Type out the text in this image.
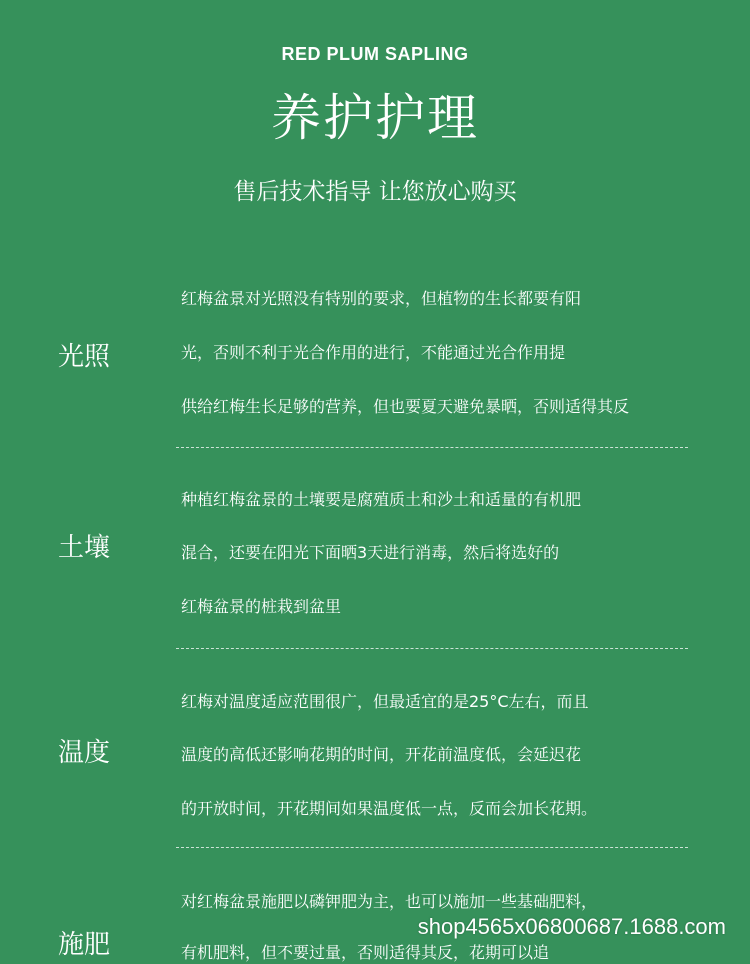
RED PLUM SAPLING
养护护理
售后技术指导 让您放心购买
光照
红梅盆景对光照没有特别的要求，但植物的生长都要有阳
光，否则不利于光合作用的进行，不能通过光合作用提
供给红梅生长足够的营养，但也要夏天避免暴晒，否则适得其反
土壤
种植红梅盆景的土壤要是腐殖质土和沙土和适量的有机肥
混合，还要在阳光下面晒3天进行消毒，然后将选好的
红梅盆景的桩栽到盆里
温度
红梅对温度适应范围很广，但最适宜的是25°C左右，而且
温度的高低还影响花期的时间，开花前温度低，会延迟花
的开放时间，开花期间如果温度低一点，反而会加长花期。
施肥
对红梅盆景施肥以磷钾肥为主，也可以施加一些基础肥料，
有机肥料，但不要过量，否则适得其反，花期可以追
shop4565x06800687.1688.com
